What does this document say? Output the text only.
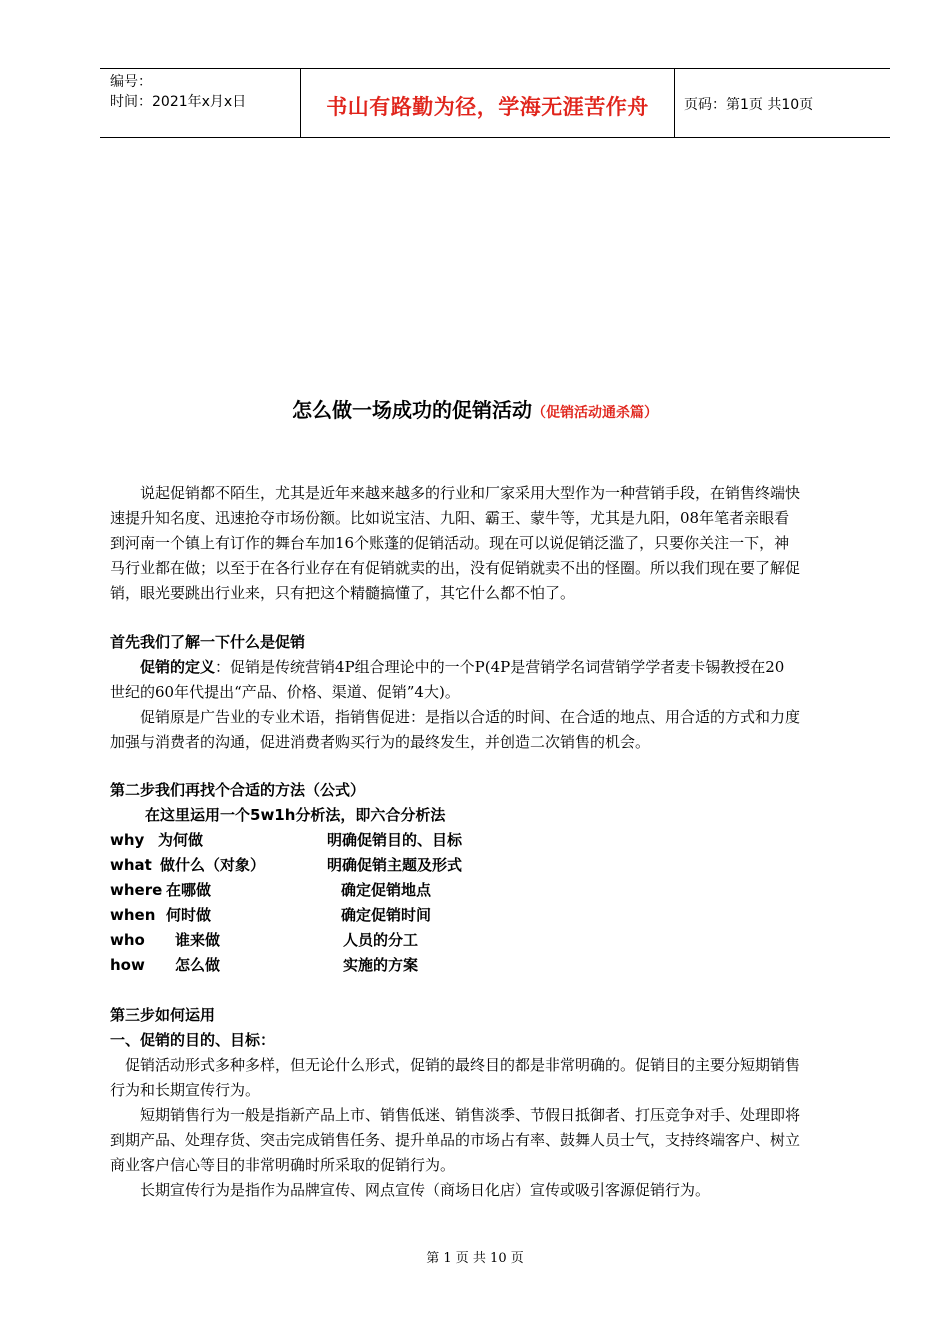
编号：
时间：2021年x月x日	书山有路勤为径，学海无涯苦作舟	页码：第1页 共10页
怎么做一场成功的促销活动（促销活动通杀篇）
　　说起促销都不陌生，尤其是近年来越来越多的行业和厂家采用大型作为一种营销手段，在销售终端快
速提升知名度、迅速抢夺市场份额。比如说宝洁、九阳、霸王、蒙牛等，尤其是九阳，08年笔者亲眼看
到河南一个镇上有订作的舞台车加16个账蓬的促销活动。现在可以说促销泛滥了，只要你关注一下，神
马行业都在做；以至于在各行业存在有促销就卖的出，没有促销就卖不出的怪圈。所以我们现在要了解促
销，眼光要跳出行业来，只有把这个精髓搞懂了，其它什么都不怕了。
首先我们了解一下什么是促销
　　促销的定义：促销是传统营销4P组合理论中的一个P(4P是营销学名词营销学学者麦卡锡教授在20
世纪的60年代提出“产品、价格、渠道、促销”4大)。
　　促销原是广告业的专业术语，指销售促进：是指以合适的时间、在合适的地点、用合适的方式和力度
加强与消费者的沟通，促进消费者购买行为的最终发生，并创造二次销售的机会。
第二步我们再找个合适的方法（公式）
在这里运用一个5w1h分析法，即六合分析法
why 为何做	明确促销目的、目标
what 做什么（对象）	明确促销主题及形式
where 在哪做	确定促销地点
when 何时做	确定促销时间
who 谁来做	人员的分工
how 怎么做	实施的方案
第三步如何运用
一、促销的目的、目标：
　促销活动形式多种多样，但无论什么形式，促销的最终目的都是非常明确的。促销目的主要分短期销售
行为和长期宣传行为。
　　短期销售行为一般是指新产品上市、销售低迷、销售淡季、节假日抵御者、打压竞争对手、处理即将
到期产品、处理存货、突击完成销售任务、提升单品的市场占有率、鼓舞人员士气，支持终端客户、树立
商业客户信心等目的非常明确时所采取的促销行为。
　　长期宣传行为是指作为品牌宣传、网点宣传（商场日化店）宣传或吸引客源促销行为。
第 1 页 共 10 页
